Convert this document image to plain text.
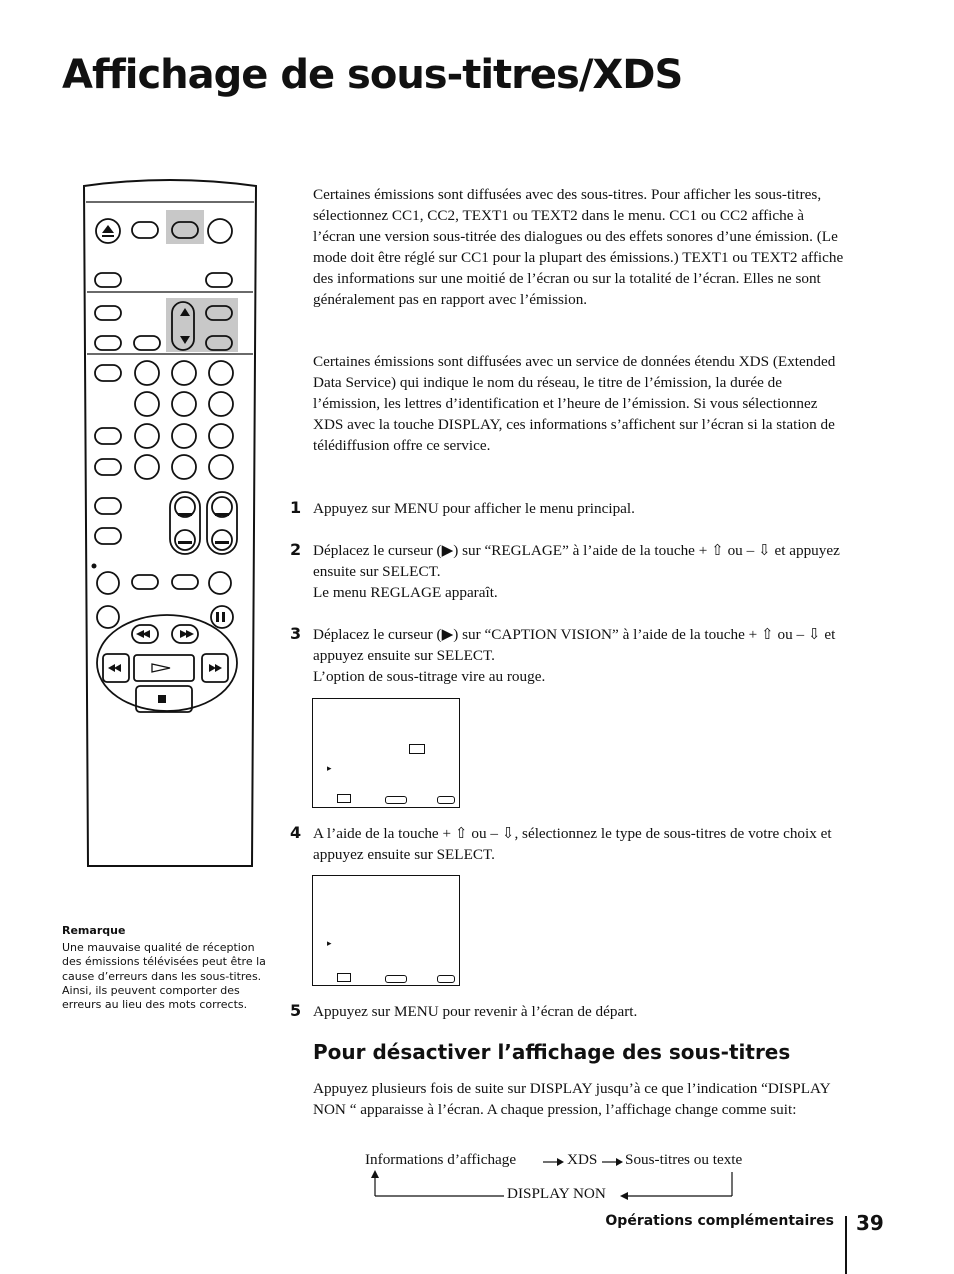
Affichage de sous-titres/XDS

Certaines émissions sont diffusées avec des sous-titres. Pour afficher les sous-titres, sélectionnez CC1, CC2, TEXT1 ou TEXT2 dans le menu. CC1 ou CC2 affiche à l’écran une version sous-titrée des dialogues ou des effets sonores d’une émission. (Le mode doit être réglé sur CC1 pour la plupart des émissions.) TEXT1 ou TEXT2 affiche des informations sur une moitié de l’écran ou sur la totalité de l’écran. Elles ne sont généralement pas en rapport avec l’émission.

Certaines émissions sont diffusées avec un service de données étendu XDS (Extended Data Service) qui indique le nom du réseau, le titre de l’émission, la durée de l’émission, les lettres d’identification et l’heure de l’émission. Si vous sélectionnez XDS avec la touche DISPLAY, ces informations s’affichent sur l’écran si la station de télédiffusion offre ce service.

1 Appuyez sur MENU pour afficher le menu principal.

2 Déplacez le curseur (▶) sur “REGLAGE” à l’aide de la touche + ⇧ ou – ⇩ et appuyez ensuite sur SELECT.

Le menu REGLAGE apparaît.

3 Déplacez le curseur (▶) sur “CAPTION VISION” à l’aide de la touche + ⇧ ou – ⇩ et appuyez ensuite sur SELECT.

L’option de sous-titrage vire au rouge.

▸
4 A l’aide de la touche + ⇧ ou – ⇩, sélectionnez le type de sous-titres de votre choix et appuyez ensuite sur SELECT.

▸
5 Appuyez sur MENU pour revenir à l’écran de départ.

Remarque

Une mauvaise qualité de réception des émissions télévisées peut être la cause d’erreurs dans les sous-titres. Ainsi, ils peuvent comporter des erreurs au lieu des mots corrects.

Pour désactiver l’affichage des sous-titres

Appuyez plusieurs fois de suite sur DISPLAY jusqu’à ce que l’indication “DISPLAY NON “ apparaisse à l’écran. A chaque pression, l’affichage change comme suit:

Informations d’affichage	XDS Sous-titres ou texte
DISPLAY NON
Opérations complémentaires 39
